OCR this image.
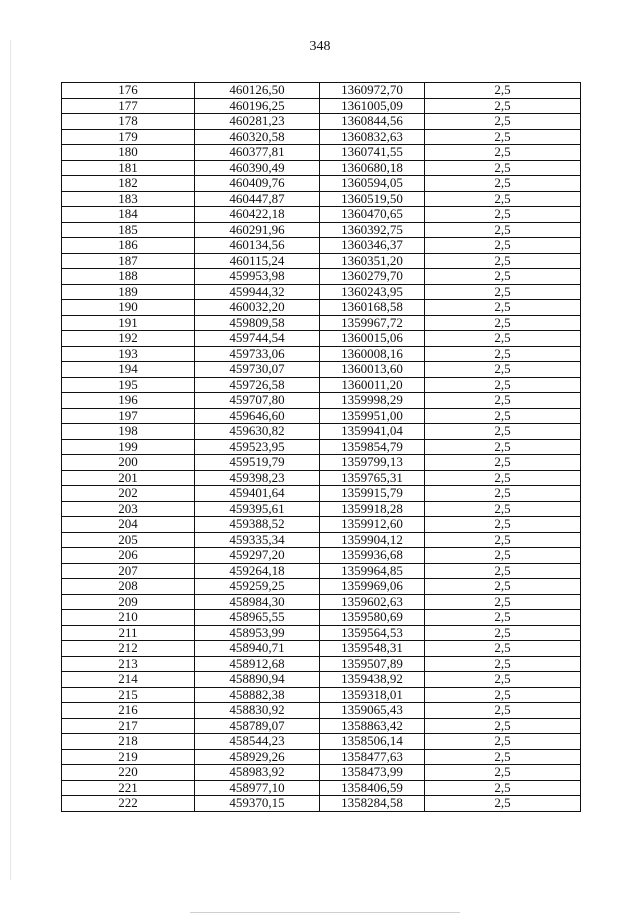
348
176	460126,50	1360972,70	2,5
177	460196,25	1361005,09	2,5
178	460281,23	1360844,56	2,5
179	460320,58	1360832,63	2,5
180	460377,81	1360741,55	2,5
181	460390,49	1360680,18	2,5
182	460409,76	1360594,05	2,5
183	460447,87	1360519,50	2,5
184	460422,18	1360470,65	2,5
185	460291,96	1360392,75	2,5
186	460134,56	1360346,37	2,5
187	460115,24	1360351,20	2,5
188	459953,98	1360279,70	2,5
189	459944,32	1360243,95	2,5
190	460032,20	1360168,58	2,5
191	459809,58	1359967,72	2,5
192	459744,54	1360015,06	2,5
193	459733,06	1360008,16	2,5
194	459730,07	1360013,60	2,5
195	459726,58	1360011,20	2,5
196	459707,80	1359998,29	2,5
197	459646,60	1359951,00	2,5
198	459630,82	1359941,04	2,5
199	459523,95	1359854,79	2,5
200	459519,79	1359799,13	2,5
201	459398,23	1359765,31	2,5
202	459401,64	1359915,79	2,5
203	459395,61	1359918,28	2,5
204	459388,52	1359912,60	2,5
205	459335,34	1359904,12	2,5
206	459297,20	1359936,68	2,5
207	459264,18	1359964,85	2,5
208	459259,25	1359969,06	2,5
209	458984,30	1359602,63	2,5
210	458965,55	1359580,69	2,5
211	458953,99	1359564,53	2,5
212	458940,71	1359548,31	2,5
213	458912,68	1359507,89	2,5
214	458890,94	1359438,92	2,5
215	458882,38	1359318,01	2,5
216	458830,92	1359065,43	2,5
217	458789,07	1358863,42	2,5
218	458544,23	1358506,14	2,5
219	458929,26	1358477,63	2,5
220	458983,92	1358473,99	2,5
221	458977,10	1358406,59	2,5
222	459370,15	1358284,58	2,5
